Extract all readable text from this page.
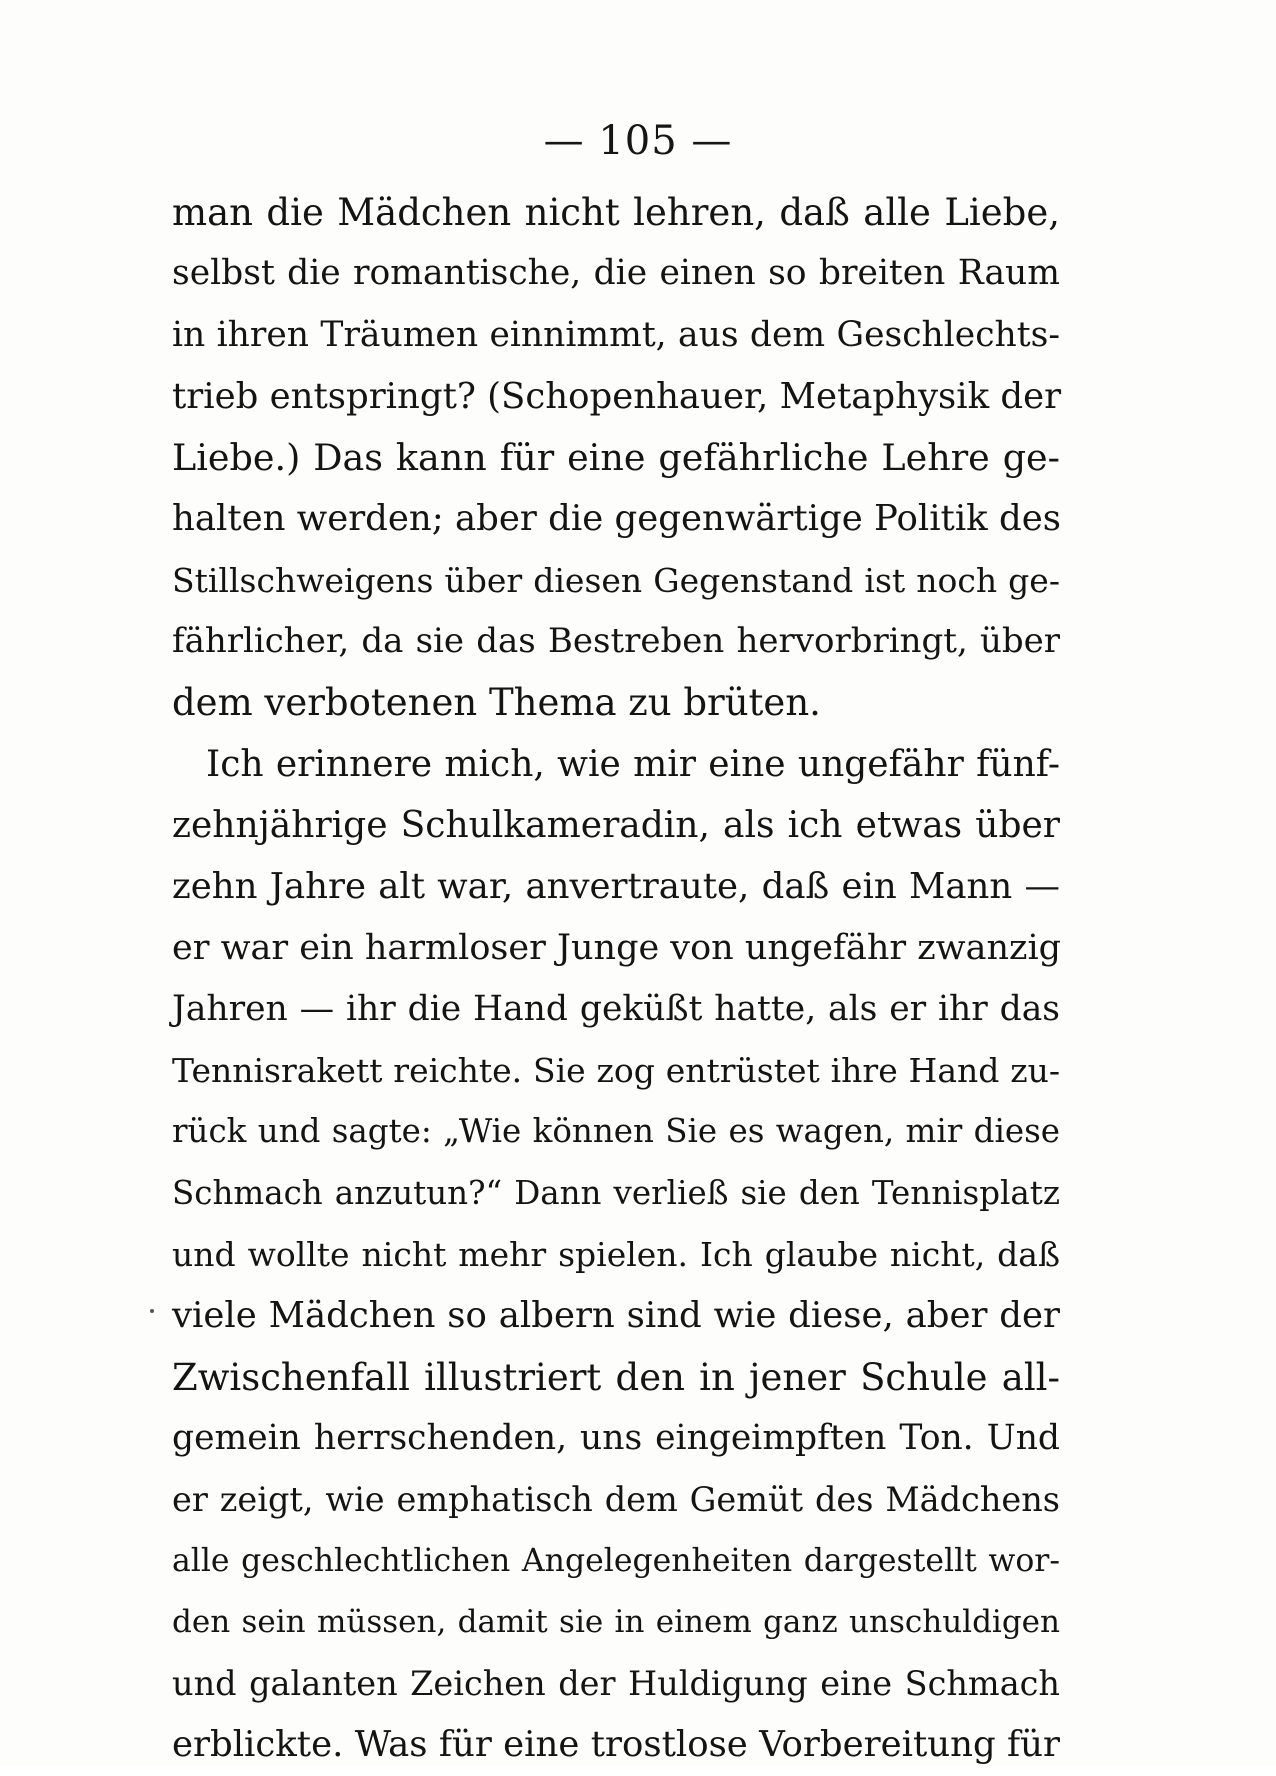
— 105 —
man die Mädchen nicht lehren, daß alle Liebe,
selbst die romantische, die einen so breiten Raum
in ihren Träumen einnimmt, aus dem Geschlechts-
trieb entspringt? (Schopenhauer, Metaphysik der
Liebe.) Das kann für eine gefährliche Lehre ge-
halten werden; aber die gegenwärtige Politik des
Stillschweigens über diesen Gegenstand ist noch ge-
fährlicher, da sie das Bestreben hervorbringt, über
dem verbotenen Thema zu brüten.
Ich erinnere mich, wie mir eine ungefähr fünf-
zehnjährige Schulkameradin, als ich etwas über
zehn Jahre alt war, anvertraute, daß ein Mann —
er war ein harmloser Junge von ungefähr zwanzig
Jahren — ihr die Hand geküßt hatte, als er ihr das
Tennisrakett reichte. Sie zog entrüstet ihre Hand zu-
rück und sagte: „Wie können Sie es wagen, mir diese
Schmach anzutun?“ Dann verließ sie den Tennisplatz
und wollte nicht mehr spielen. Ich glaube nicht, daß
viele Mädchen so albern sind wie diese, aber der
Zwischenfall illustriert den in jener Schule all-
gemein herrschenden, uns eingeimpften Ton. Und
er zeigt, wie emphatisch dem Gemüt des Mädchens
alle geschlechtlichen Angelegenheiten dargestellt wor-
den sein müssen, damit sie in einem ganz unschuldigen
und galanten Zeichen der Huldigung eine Schmach
erblickte. Was für eine trostlose Vorbereitung für
